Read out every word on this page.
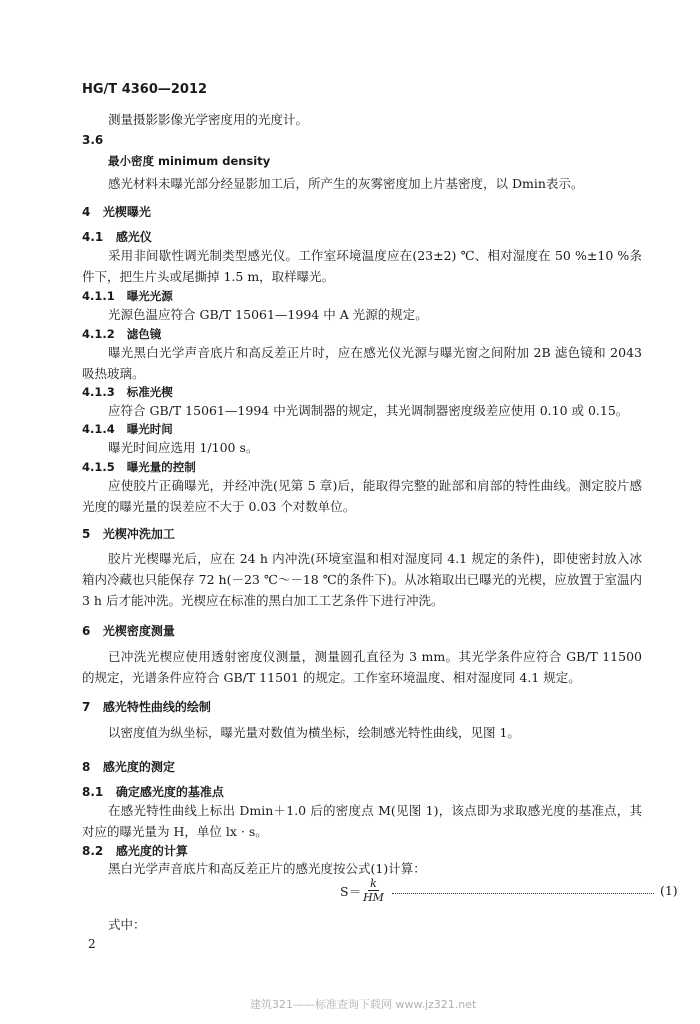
HG/T 4360—2012
测量摄影影像光学密度用的光度计。
3.6
最小密度 minimum density
感光材料未曝光部分经显影加工后，所产生的灰雾密度加上片基密度，以 Dmin表示。
4 光楔曝光
4.1 感光仪
采用非间歇性调光制类型感光仪。工作室环境温度应在(23±2) ℃、相对湿度在 50 %±10 %条件下，把生片头或尾撕掉 1.5 m，取样曝光。
4.1.1 曝光光源
光源色温应符合 GB/T 15061—1994 中 A 光源的规定。
4.1.2 滤色镜
曝光黑白光学声音底片和高反差正片时，应在感光仪光源与曝光窗之间附加 2B 滤色镜和 2043 吸热玻璃。
4.1.3 标准光楔
应符合 GB/T 15061—1994 中光调制器的规定，其光调制器密度级差应使用 0.10 或 0.15。
4.1.4 曝光时间
曝光时间应选用 1/100 s。
4.1.5 曝光量的控制
应使胶片正确曝光，并经冲洗(见第 5 章)后，能取得完整的趾部和肩部的特性曲线。测定胶片感光度的曝光量的误差应不大于 0.03 个对数单位。
5 光楔冲洗加工
胶片光楔曝光后，应在 24 h 内冲洗(环境室温和相对湿度同 4.1 规定的条件)，即使密封放入冰箱内冷藏也只能保存 72 h(－23 ℃～－18 ℃的条件下)。从冰箱取出已曝光的光楔，应放置于室温内 3 h 后才能冲洗。光楔应在标准的黑白加工工艺条件下进行冲洗。
6 光楔密度测量
已冲洗光楔应使用透射密度仪测量，测量圆孔直径为 3 mm。其光学条件应符合 GB/T 11500 的规定，光谱条件应符合 GB/T 11501 的规定。工作室环境温度、相对湿度同 4.1 规定。
7 感光特性曲线的绘制
以密度值为纵坐标，曝光量对数值为横坐标，绘制感光特性曲线，见图 1。
8 感光度的测定
8.1 确定感光度的基准点
在感光特性曲线上标出 Dmin＋1.0 后的密度点 M(见图 1)，该点即为求取感光度的基准点，其对应的曝光量为 H，单位 lx · s。
8.2 感光度的计算
黑白光学声音底片和高反差正片的感光度按公式(1)计算：
$S= \frac{k}{HM}$	(1)
式中：
2
建筑321——标准查询下载网 www.jz321.net
